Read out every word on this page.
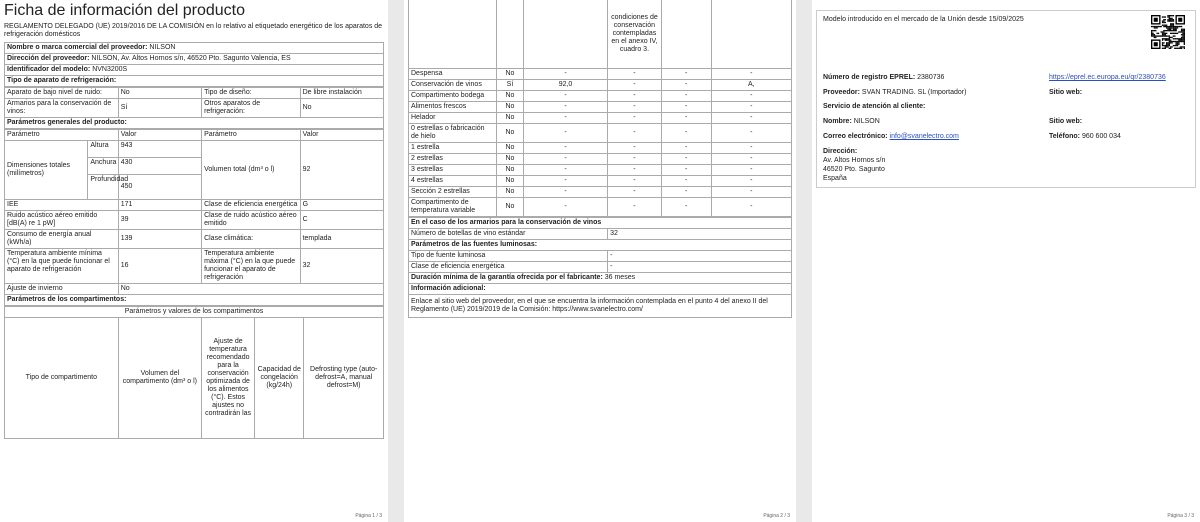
Ficha de información del producto
REGLAMENTO DELEGADO (UE) 2019/2016 DE LA COMISIÓN en lo relativo al etiquetado energético de los aparatos de refrigeración domésticos
Nombre o marca comercial del proveedor: NILSON
Dirección del proveedor: NILSON, Av. Altos Hornos s/n, 46520 Pto. Sagunto Valencia, ES
Identificador del modelo: NVN3200S
Tipo de aparato de refrigeración:
Aparato de bajo nivel de ruido:	No	Tipo de diseño:	De libre instalación
Armarios para la conservación de vinos:	Sí	Otros aparatos de refrigeración:	No
Parámetros generales del producto:			
Parámetro		Valor	Parámetro	Valor
Dimensiones totales (milímetros)	Altura	943	Volumen total (dm³ o l)	92
	Anchura	430		
	Profundidad	450		
IEE		171	Clase de eficiencia energética	G
Ruido acústico aéreo emitido [dB(A) re 1 pW]		39	Clase de ruido acústico aéreo emitido	C
Consumo de energía anual (kWh/a)		139	Clase climática:	templada
Temperatura ambiente mínima (°C) en la que puede funcionar el aparato de refrigeración		16	Temperatura ambiente máxima (°C) en la que puede funcionar el aparato de refrigeración	32
Ajuste de invierno		No		
Parámetros de los compartimentos:				
Parámetros y valores de los compartimentos
Tipo de compartimento	Volumen del compartimento (dm³ o l)	Ajuste de temperatura recomendado para la conservación optimizada de los alimentos (°C). Estos ajustes no contradirán las	Capacidad de congelación (kg/24h)	Defrosting type (auto-defrost=A, manual defrost=M)
Página 1 / 3
			condiciones de conservación contempladas en el anexo IV, cuadro 3.		
Despensa	No	-	-	-	-
Conservación de vinos	Sí	92,0	-	-	A,
Compartimento bodega	No	-	-	-	-
Alimentos frescos	No	-	-	-	-
Helador	No	-	-	-	-
0 estrellas o fabricación de hielo	No	-	-	-	-
1 estrella	No	-	-	-	-
2 estrellas	No	-	-	-	-
3 estrellas	No	-	-	-	-
4 estrellas	No	-	-	-	-
Sección 2 estrellas	No	-	-	-	-
Compartimento de temperatura variable	No	-	-	-	-
En el caso de los armarios para la conservación de vinos	
Número de botellas de vino estándar	32
Parámetros de las fuentes luminosas:	
Tipo de fuente luminosa	-
Clase de eficiencia energética	-
Duración mínima de la garantía ofrecida por el fabricante: 36 meses	
Información adicional:	
Enlace al sitio web del proveedor, en el que se encuentra la información contemplada en el punto 4 del anexo II del Reglamento (UE) 2019/2019 de la Comisión: https://www.svanelectro.com/	
Página 2 / 3
Modelo introducido en el mercado de la Unión desde 15/09/2025
Número de registro EPREL: 2380736	https://eprel.ec.europa.eu/qr/2380736
Proveedor: SVAN TRADING. SL (Importador)	Sitio web:
Servicio de atención al cliente:
Nombre: NILSON	Sitio web:
Correo electrónico: info@svanelectro.com	Teléfono: 960 600 034
Dirección:
Av. Altos Hornos s/n
46520 Pto. Sagunto
España
Página 3 / 3
